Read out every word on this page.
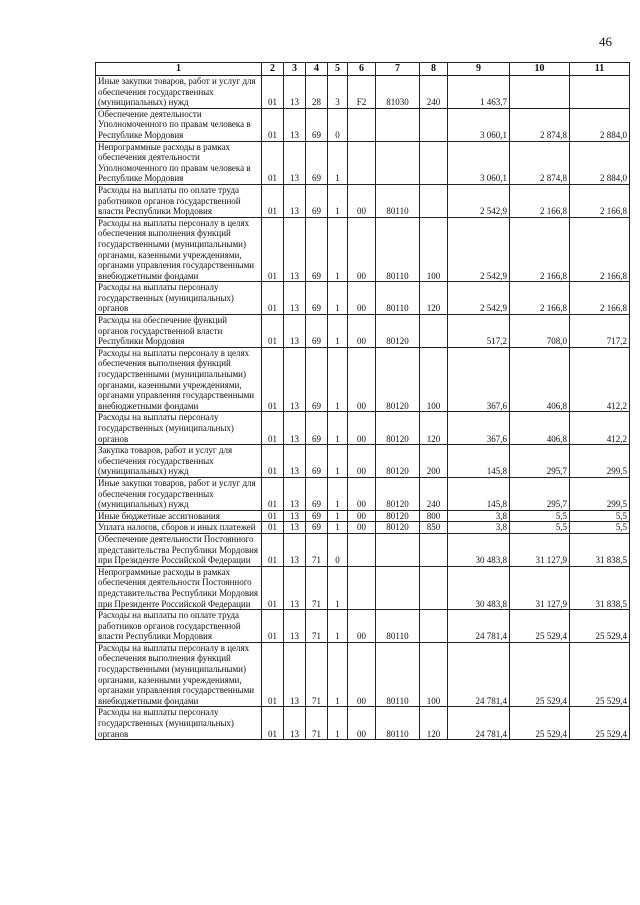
46
1	2	3	4	5	6	7	8	9	10	11
Иные закупки товаров, работ и услуг для обеспечения государственных (муниципальных) нужд	01	13	28	3	F2	81030	240	1 463,7		
Обеспечение деятельности Уполномоченного по правам человека в Республике Мордовия	01	13	69	0				3 060,1	2 874,8	2 884,0
Непрограммные расходы в рамках обеспечения деятельности Уполномоченного по правам человека в Республике Мордовия	01	13	69	1				3 060,1	2 874,8	2 884,0
Расходы на выплаты по оплате труда работников органов государственной власти Республики Мордовия	01	13	69	1	00	80110		2 542,9	2 166,8	2 166,8
Расходы на выплаты персоналу в целях обеспечения выполнения функций государственными (муниципальными) органами, казенными учреждениями, органами управления государственными внебюджетными фондами	01	13	69	1	00	80110	100	2 542,9	2 166,8	2 166,8
Расходы на выплаты персоналу государственных (муниципальных) органов	01	13	69	1	00	80110	120	2 542,9	2 166,8	2 166,8
Расходы на обеспечение функций органов государственной власти Республики Мордовия	01	13	69	1	00	80120		517,2	708,0	717,2
Расходы на выплаты персоналу в целях обеспечения выполнения функций государственными (муниципальными) органами, казенными учреждениями, органами управления государственными внебюджетными фондами	01	13	69	1	00	80120	100	367,6	406,8	412,2
Расходы на выплаты персоналу государственных (муниципальных) органов	01	13	69	1	00	80120	120	367,6	406,8	412,2
Закупка товаров, работ и услуг для обеспечения государственных (муниципальных) нужд	01	13	69	1	00	80120	200	145,8	295,7	299,5
Иные закупки товаров, работ и услуг для обеспечения государственных (муниципальных) нужд	01	13	69	1	00	80120	240	145,8	295,7	299,5
Иные бюджетные ассигнования	01	13	69	1	00	80120	800	3,8	5,5	5,5
Уплата налогов, сборов и иных платежей	01	13	69	1	00	80120	850	3,8	5,5	5,5
Обеспечение деятельности Постоянного представительства Республики Мордовия при Президенте Российской Федерации	01	13	71	0				30 483,8	31 127,9	31 838,5
Непрограммные расходы в рамках обеспечения деятельности Постоянного представительства Республики Мордовия при Президенте Российской Федерации	01	13	71	1				30 483,8	31 127,9	31 838,5
Расходы на выплаты по оплате труда работников органов государственной власти Республики Мордовия	01	13	71	1	00	80110		24 781,4	25 529,4	25 529,4
Расходы на выплаты персоналу в целях обеспечения выполнения функций государственными (муниципальными) органами, казенными учреждениями, органами управления государственными внебюджетными фондами	01	13	71	1	00	80110	100	24 781,4	25 529,4	25 529,4
Расходы на выплаты персоналу государственных (муниципальных) органов	01	13	71	1	00	80110	120	24 781,4	25 529,4	25 529,4
